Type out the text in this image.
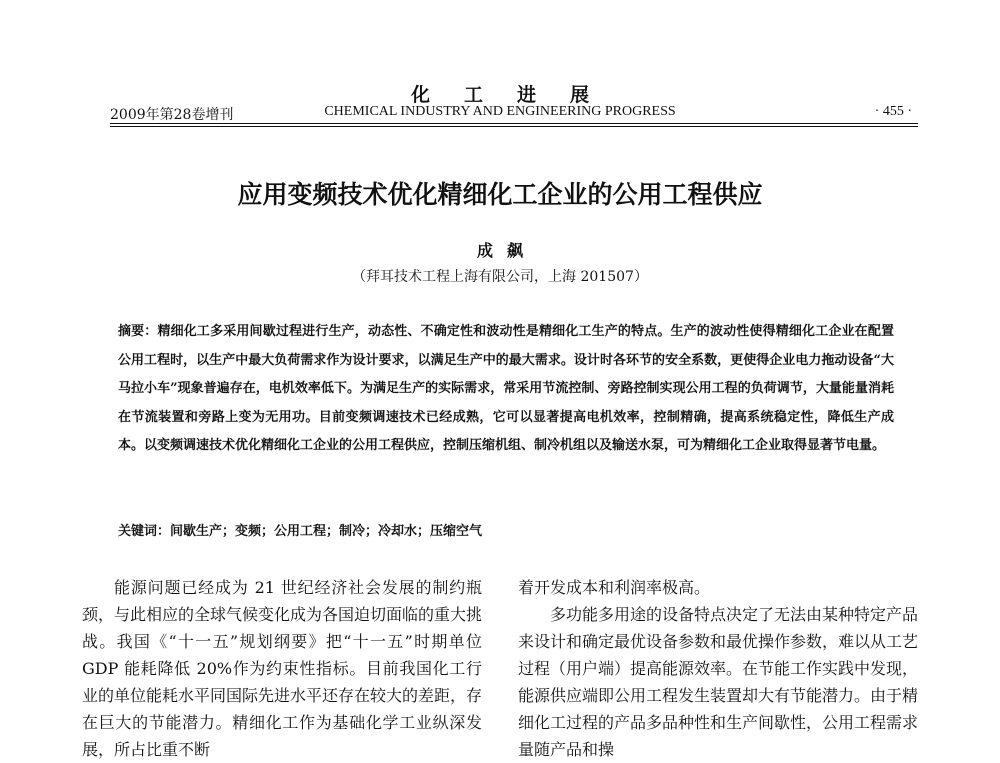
化工进展
2009年第28卷增刊	CHEMICAL INDUSTRY AND ENGINEERING PROGRESS	· 455 ·
应用变频技术优化精细化工企业的公用工程供应
成飙
（拜耳技术工程上海有限公司，上海 201507）
摘要：精细化工多采用间歇过程进行生产，动态性、不确定性和波动性是精细化工生产的特点。生产的波动性使得精细化工企业在配置公用工程时，以生产中最大负荷需求作为设计要求，以满足生产中的最大需求。设计时各环节的安全系数，更使得企业电力拖动设备“大马拉小车”现象普遍存在，电机效率低下。为满足生产的实际需求，常采用节流控制、旁路控制实现公用工程的负荷调节，大量能量消耗在节流装置和旁路上变为无用功。目前变频调速技术已经成熟，它可以显著提高电机效率，控制精确，提高系统稳定性，降低生产成本。以变频调速技术优化精细化工企业的公用工程供应，控制压缩机组、制冷机组以及输送水泵，可为精细化工企业取得显著节电量。
关键词：间歇生产；变频；公用工程；制冷；冷却水；压缩空气

能源问题已经成为 21 世纪经济社会发展的制约瓶颈，与此相应的全球气候变化成为各国迫切面临的重大挑战。我国《“十一五”规划纲要》把“十一五”时期单位 GDP 能耗降低 20%作为约束性指标。目前我国化工行业的单位能耗水平同国际先进水平还存在较大的差距，存在巨大的节能潜力。精细化工作为基础化学工业纵深发展，所占比重不断

着开发成本和利润率极高。

多功能多用途的设备特点决定了无法由某种特定产品来设计和确定最优设备参数和最优操作参数，难以从工艺过程（用户端）提高能源效率。在节能工作实践中发现，能源供应端即公用工程发生装置却大有节能潜力。由于精细化工过程的产品多品种性和生产间歇性，公用工程需求量随产品和操
